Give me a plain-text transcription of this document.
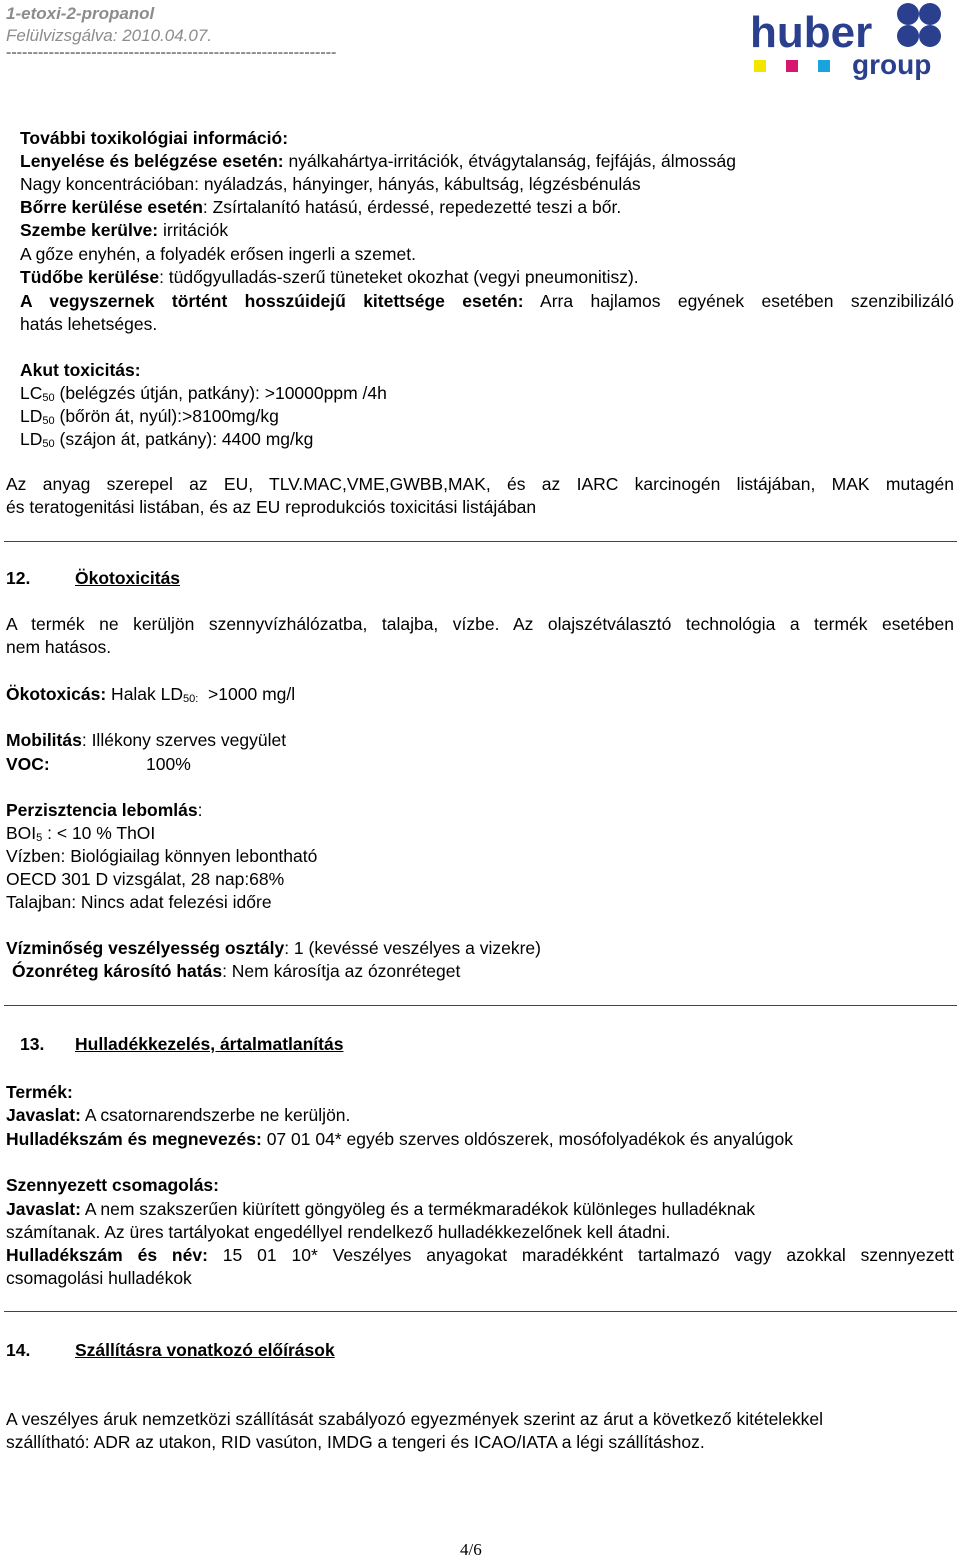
1-etoxi-2-propanol
Felülvizsgálva: 2010.04.07.
--------------------------------------------------------------	huber
group
További toxikológiai információ:
Lenyelése és belégzése esetén: nyálkahártya-irritációk, étvágytalanság, fejfájás, álmosság
Nagy koncentrációban: nyáladzás, hányinger, hányás, kábultság, légzésbénulás
Bőrre kerülése esetén: Zsírtalanító hatású, érdessé, repedezetté teszi a bőr.
Szembe kerülve: irritációk
A gőze enyhén, a folyadék erősen ingerli a szemet.
Tüdőbe kerülése: tüdőgyulladás-szerű tüneteket okozhat (vegyi pneumonitisz).
A vegyszernek történt hosszúidejű kitettsége esetén: Arra hajlamos egyének esetében szenzibilizáló
hatás lehetséges.
Akut toxicitás:
$LC_{50}$ (belégzés útján, patkány): >10000ppm /4h
$LD_{50}$ (bőrön át, nyúl):>8100mg/kg
$LD_{50}$ (szájon át, patkány): 4400 mg/kg
Az anyag szerepel az EU, TLV.MAC,VME,GWBB,MAK, és az IARC karcinogén listájában, MAK mutagén
és teratogenitási listában, és az EU reprodukciós toxicitási listájában
12.	Ökotoxicitás
A termék ne kerüljön szennyvízhálózatba, talajba, vízbe. Az olajszétválasztó technológia a termék esetében
nem hatásos.
Ökotoxicás: Halak $LD_{50:} >1000$ mg/l
Mobilitás: Illékony szerves vegyület
VOC:	100%
Perzisztencia lebomlás:
$BOI_5$ : < 10 % ThOI
Vízben: Biológiailag könnyen lebontható
OECD 301 D vizsgálat, 28 nap:68%
Talajban: Nincs adat felezési időre
Vízminőség veszélyesség osztály: 1 (kevéssé veszélyes a vizekre)
Ózonréteg károsító hatás: Nem károsítja az ózonréteget
13. Hulladékkezelés, ártalmatlanítás
Termék:
Javaslat: A csatornarendszerbe ne kerüljön.
Hulladékszám és megnevezés: 07 01 04* egyéb szerves oldószerek, mosófolyadékok és anyalúgok
Szennyezett csomagolás:
Javaslat: A nem szakszerűen kiürített göngyöleg és a termékmaradékok különleges hulladéknak
számítanak. Az üres tartályokat engedéllyel rendelkező hulladékkezelőnek kell átadni.
Hulladékszám és név: 15 01 10* Veszélyes anyagokat maradékként tartalmazó vagy azokkal szennyezett
csomagolási hulladékok
14.	Szállításra vonatkozó előírások
A veszélyes áruk nemzetközi szállítását szabályozó egyezmények szerint az árut a következő kitételekkel
szállítható: ADR az utakon, RID vasúton, IMDG a tengeri és ICAO/IATA a légi szállításhoz.
4/6
